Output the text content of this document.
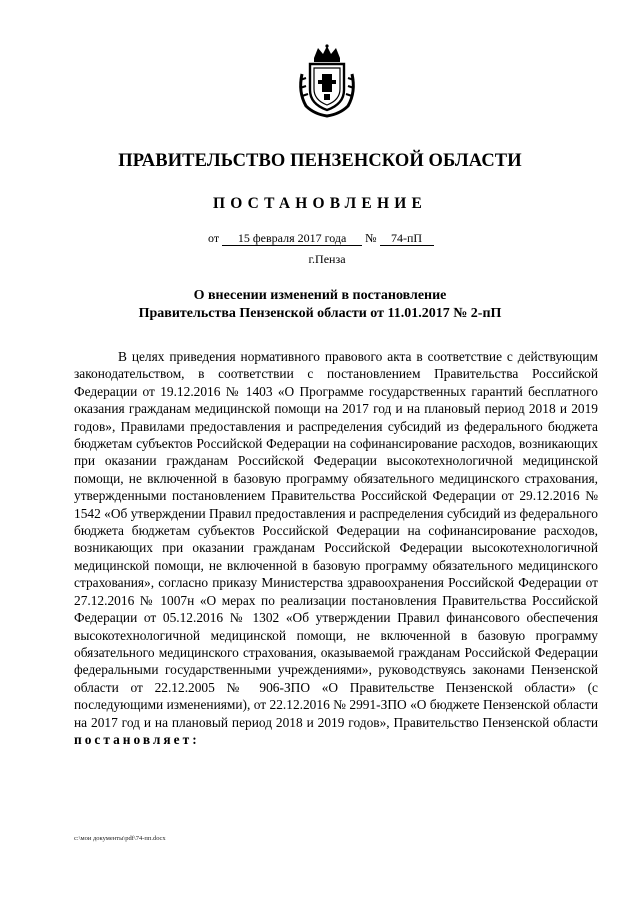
ПРАВИТЕЛЬСТВО ПЕНЗЕНСКОЙ ОБЛАСТИ
ПОСТАНОВЛЕНИЕ
от 15 февраля 2017 года № 74-пП
г.Пенза
О внесении изменений в постановление
Правительства Пензенской области от 11.01.2017 № 2-пП

В целях приведения нормативного правового акта в соответствие с действующим законодательством, в соответствии с постановлением Правительства Российской Федерации от 19.12.2016 № 1403 «О Программе государственных гарантий бесплатного оказания гражданам медицинской помощи на 2017 год и на плановый период 2018 и 2019 годов», Правилами предоставления и распределения субсидий из федерального бюджета бюджетам субъектов Российской Федерации на софинансирование расходов, возникающих при оказании гражданам Российской Федерации высокотехнологичной медицинской помощи, не включенной в базовую программу обязательного медицинского страхования, утвержденными постановлением Правительства Российской Федерации от 29.12.2016 № 1542 «Об утверждении Правил предоставления и распределения субсидий из федерального бюджета бюджетам субъектов Российской Федерации на софинансирование расходов, возникающих при оказании гражданам Российской Федерации высокотехнологичной медицинской помощи, не включенной в базовую программу обязательного медицинского страхования», согласно приказу Министерства здравоохранения Российской Федерации от 27.12.2016 № 1007н «О мерах по реализации постановления Правительства Российской Федерации от 05.12.2016 № 1302 «Об утверждении Правил финансового обеспечения высокотехнологичной медицинской помощи, не включенной в базовую программу обязательного медицинского страхования, оказываемой гражданам Российской Федерации федеральными государственными учреждениями», руководствуясь законами Пензенской области от 22.12.2005 № 906-ЗПО «О Правительстве Пензенской области» (с последующими изменениями), от 22.12.2016 № 2991-ЗПО «О бюджете Пензенской области на 2017 год и на плановый период 2018 и 2019 годов», Правительство Пензенской области постановляет:

c:\мои документы\pdf\74-пп.docx
